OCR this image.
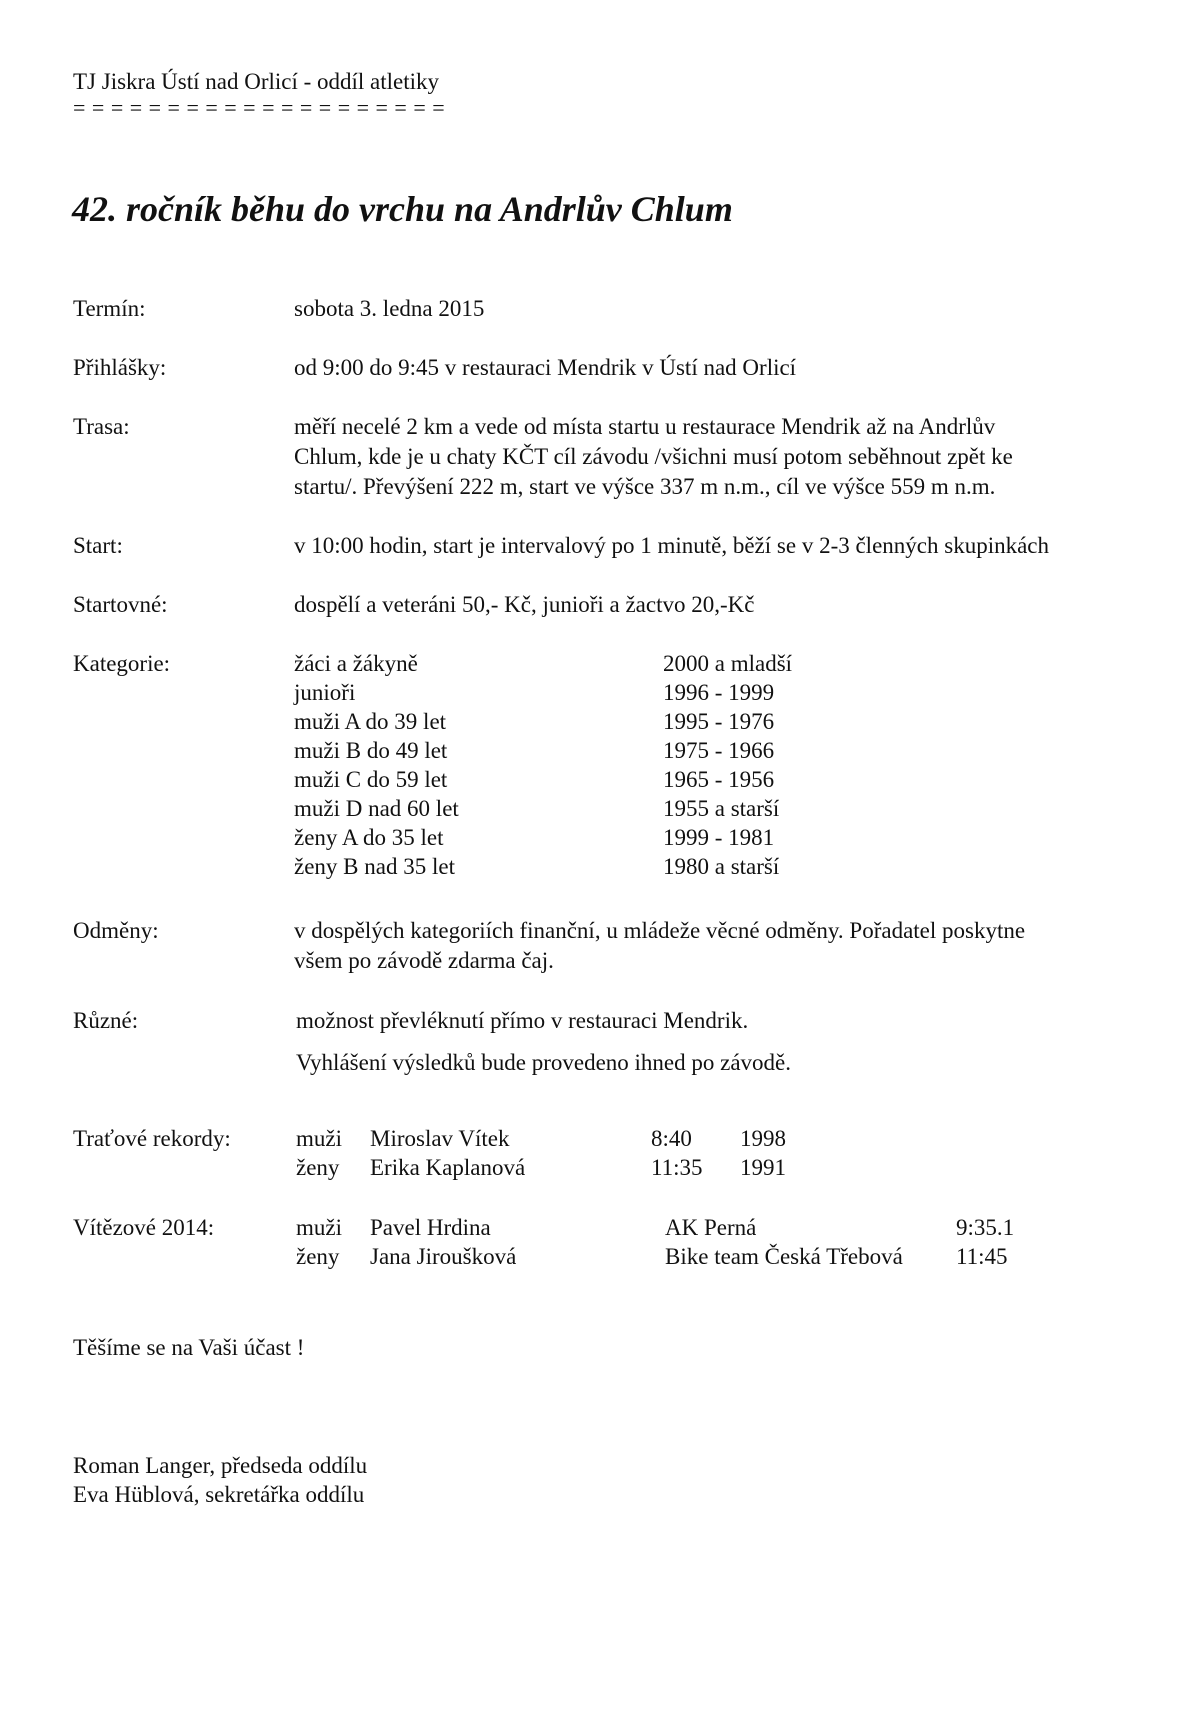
TJ Jiskra Ústí nad Orlicí - oddíl atletiky
= = = = = = = = = = = = = = = = = = = =
42. ročník běhu do vrchu na Andrlův Chlum
Termín:	sobota 3. ledna 2015
Přihlášky:	od 9:00 do 9:45 v restauraci Mendrik v Ústí nad Orlicí
Trasa:	měří necelé 2 km a vede od místa startu u restaurace Mendrik až na Andrlův
Chlum, kde je u chaty KČT cíl závodu /všichni musí potom seběhnout zpět ke
startu/. Převýšení 222 m, start ve výšce 337 m n.m., cíl ve výšce 559 m n.m.
Start:	v 10:00 hodin, start je intervalový po 1 minutě, běží se v 2-3 členných skupinkách
Startovné:	dospělí a veteráni 50,- Kč, junioři a žactvo 20,-Kč
Kategorie:	žáci a žákyně	2000 a mladší
junioři	1996 - 1999
muži A do 39 let	1995 - 1976
muži B do 49 let	1975 - 1966
muži C do 59 let	1965 - 1956
muži D nad 60 let	1955 a starší
ženy A do 35 let	1999 - 1981
ženy B nad 35 let	1980 a starší
Odměny:	v dospělých kategoriích finanční, u mládeže věcné odměny. Pořadatel poskytne
všem po závodě zdarma čaj.
Různé:	možnost převléknutí přímo v restauraci Mendrik.
Vyhlášení výsledků bude provedeno ihned po závodě.
Traťové rekordy:	muži Miroslav Vítek	8:40 1998
ženy Erika Kaplanová	11:35 1991
Vítězové 2014:	muži Pavel Hrdina	AK Perná	9:35.1
ženy Jana Jiroušková	Bike team Česká Třebová 11:45
Těšíme se na Vaši účast !
Roman Langer, předseda oddílu
Eva Hüblová, sekretářka oddílu
